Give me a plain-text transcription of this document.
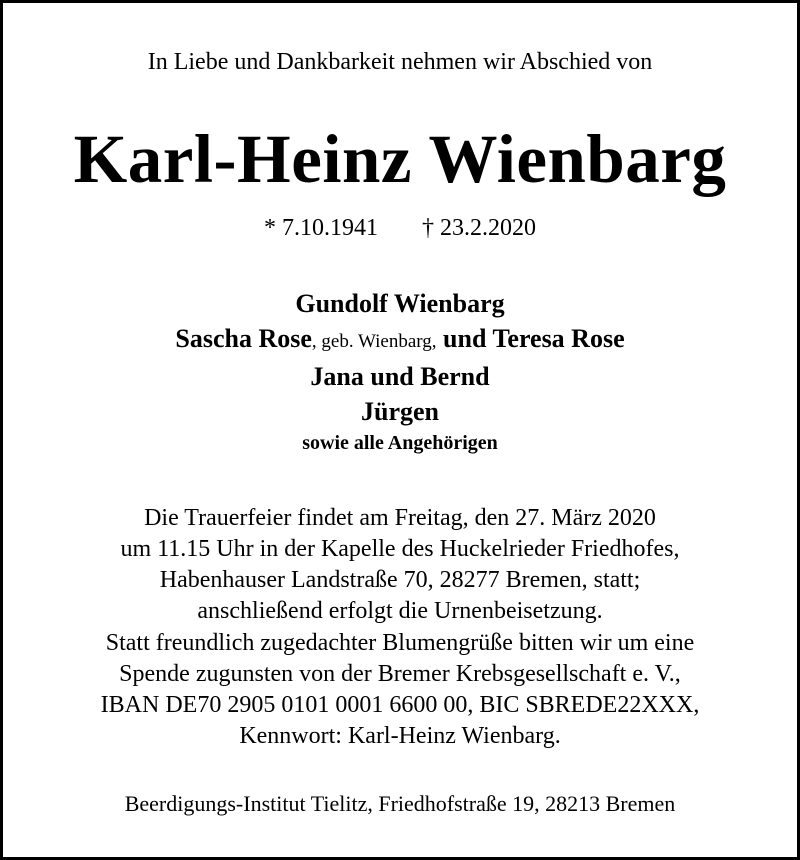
In Liebe und Dankbarkeit nehmen wir Abschied von
Karl-Heinz Wienbarg
* 7.10.1941 † 23.2.2020
Gundolf Wienbarg
Sascha Rose, geb. Wienbarg, und Teresa Rose
Jana und Bernd
Jürgen
sowie alle Angehörigen
Die Trauerfeier findet am Freitag, den 27. März 2020
um 11.15 Uhr in der Kapelle des Huckelrieder Friedhofes,
Habenhauser Landstraße 70, 28277 Bremen, statt;
anschließend erfolgt die Urnenbeisetzung.
Statt freundlich zugedachter Blumengrüße bitten wir um eine
Spende zugunsten von der Bremer Krebsgesellschaft e. V.,
IBAN DE70 2905 0101 0001 6600 00, BIC SBREDE22XXX,
Kennwort: Karl-Heinz Wienbarg.
Beerdigungs-Institut Tielitz, Friedhofstraße 19, 28213 Bremen
